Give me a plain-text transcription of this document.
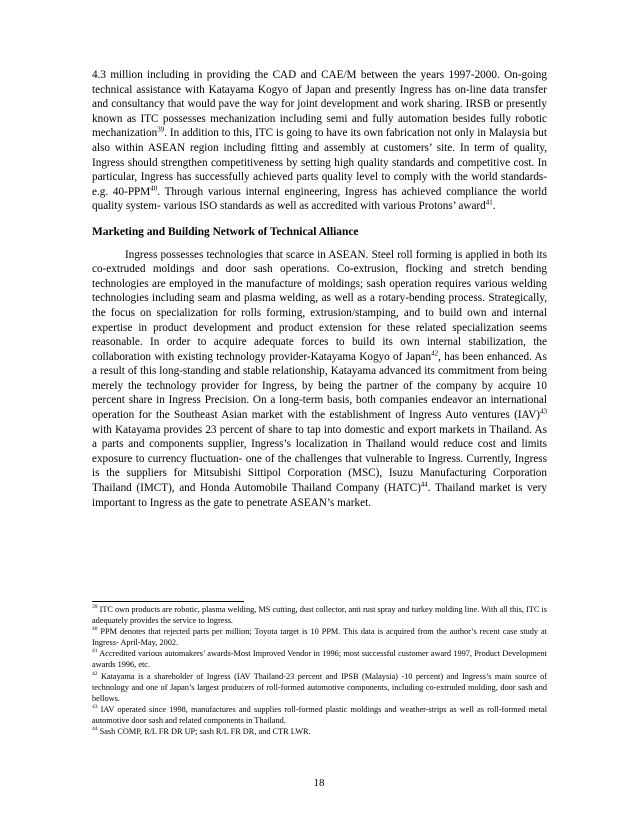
4.3 million including in providing the CAD and CAE/M between the years 1997-2000. On-going technical assistance with Katayama Kogyo of Japan and presently Ingress has on-line data transfer and consultancy that would pave the way for joint development and work sharing. IRSB or presently known as ITC possesses mechanization including semi and fully automation besides fully robotic mechanization$^{39}$. In addition to this, ITC is going to have its own fabrication not only in Malaysia but also within ASEAN region including fitting and assembly at customers’ site. In term of quality, Ingress should strengthen competitiveness by setting high quality standards and competitive cost. In particular, Ingress has successfully achieved parts quality level to comply with the world standards- e.g. 40-PPM$^{40}$. Through various internal engineering, Ingress has achieved compliance the world quality system- various ISO standards as well as accredited with various Protons’ award$^{41}$.

Marketing and Building Network of Technical Alliance

Ingress possesses technologies that scarce in ASEAN. Steel roll forming is applied in both its co-extruded moldings and door sash operations. Co-extrusion, flocking and stretch bending technologies are employed in the manufacture of moldings; sash operation requires various welding technologies including seam and plasma welding, as well as a rotary-bending process. Strategically, the focus on specialization for rolls forming, extrusion/stamping, and to build own and internal expertise in product development and product extension for these related specialization seems reasonable. In order to acquire adequate forces to build its own internal stabilization, the collaboration with existing technology provider-Katayama Kogyo of Japan$^{42}$, has been enhanced. As a result of this long-standing and stable relationship, Katayama advanced its commitment from being merely the technology provider for Ingress, by being the partner of the company by acquire 10 percent share in Ingress Precision. On a long-term basis, both companies endeavor an international operation for the Southeast Asian market with the establishment of Ingress Auto ventures (IAV)$^{43}$ with Katayama provides 23 percent of share to tap into domestic and export markets in Thailand. As a parts and components supplier, Ingress’s localization in Thailand would reduce cost and limits exposure to currency fluctuation- one of the challenges that vulnerable to Ingress. Currently, Ingress is the suppliers for Mitsubishi Sittipol Corporation (MSC), Isuzu Manufacturing Corporation Thailand (IMCT), and Honda Automobile Thailand Company (HATC)$^{44}$. Thailand market is very important to Ingress as the gate to penetrate ASEAN’s market.

$^{39}$ ITC own products are robotic, plasma welding, MS cutting, dust collector, anti rust spray and turkey molding line. With all this, ITC is adequately provides the service to Ingress.

$^{40}$ PPM denotes that rejected parts per million; Toyota target is 10 PPM. This data is acquired from the author’s recent case study at Ingress- April-May, 2002.

$^{41}$ Accredited various automakers’ awards-Most Improved Vendor in 1996; most successful customer award 1997, Product Development awards 1996, etc.

$^{42}$ Katayama is a shareholder of Ingress (IAV Thailand-23 percent and IPSB (Malaysia) -10 percent) and Ingress’s main source of technology and one of Japan’s largest producers of roll-formed automotive components, including co-extruded molding, door sash and bellows.

$^{43}$ IAV operated since 1998, manufactures and supplies roll-formed plastic moldings and weather-strips as well as roll-formed metal automotive door sash and related components in Thailand.

$^{44}$ Sash COMP, R/L FR DR UP; sash R/L FR DR, and CTR LWR.

18
